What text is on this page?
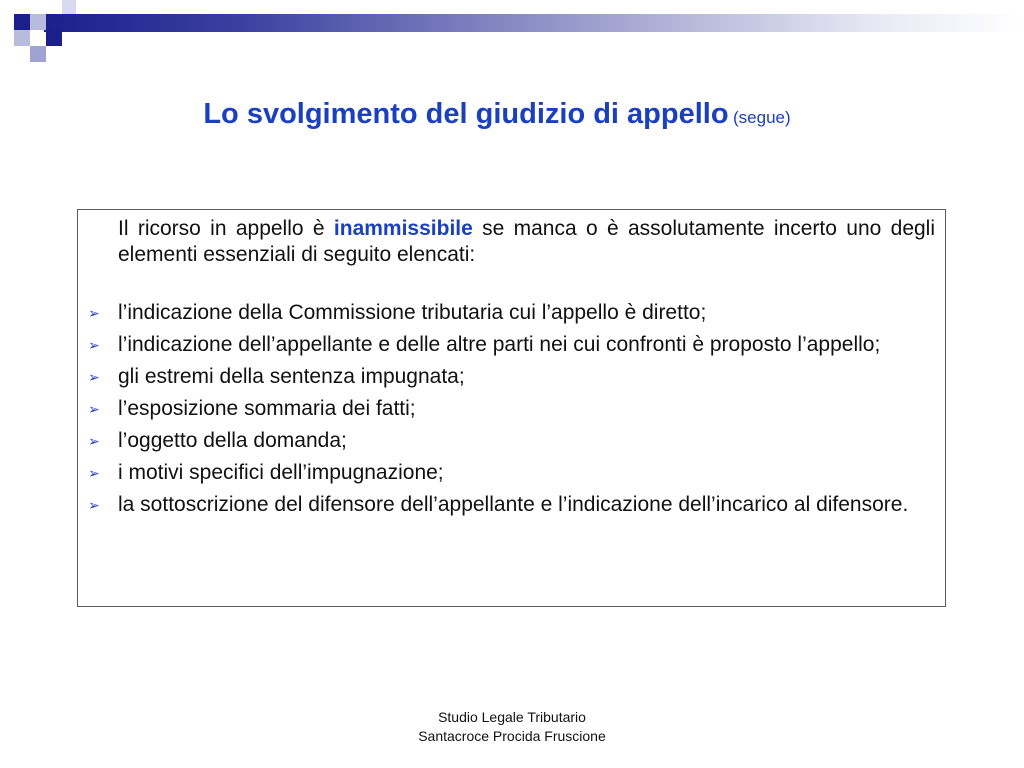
Lo svolgimento del giudizio di appello (segue)

Il ricorso in appello è inammissibile se manca o è assolutamente incerto uno degli elementi essenziali di seguito elencati:

➢ l’indicazione della Commissione tributaria cui l’appello è diretto;
➢ l’indicazione dell’appellante e delle altre parti nei cui confronti è proposto l’appello;
➢ gli estremi della sentenza impugnata;
➢ l’esposizione sommaria dei fatti;
➢ l’oggetto della domanda;
➢ i motivi specifici dell’impugnazione;
➢ la sottoscrizione del difensore dell’appellante e l’indicazione dell’incarico al difensore.
Studio Legale Tributario
Santacroce Procida Fruscione
